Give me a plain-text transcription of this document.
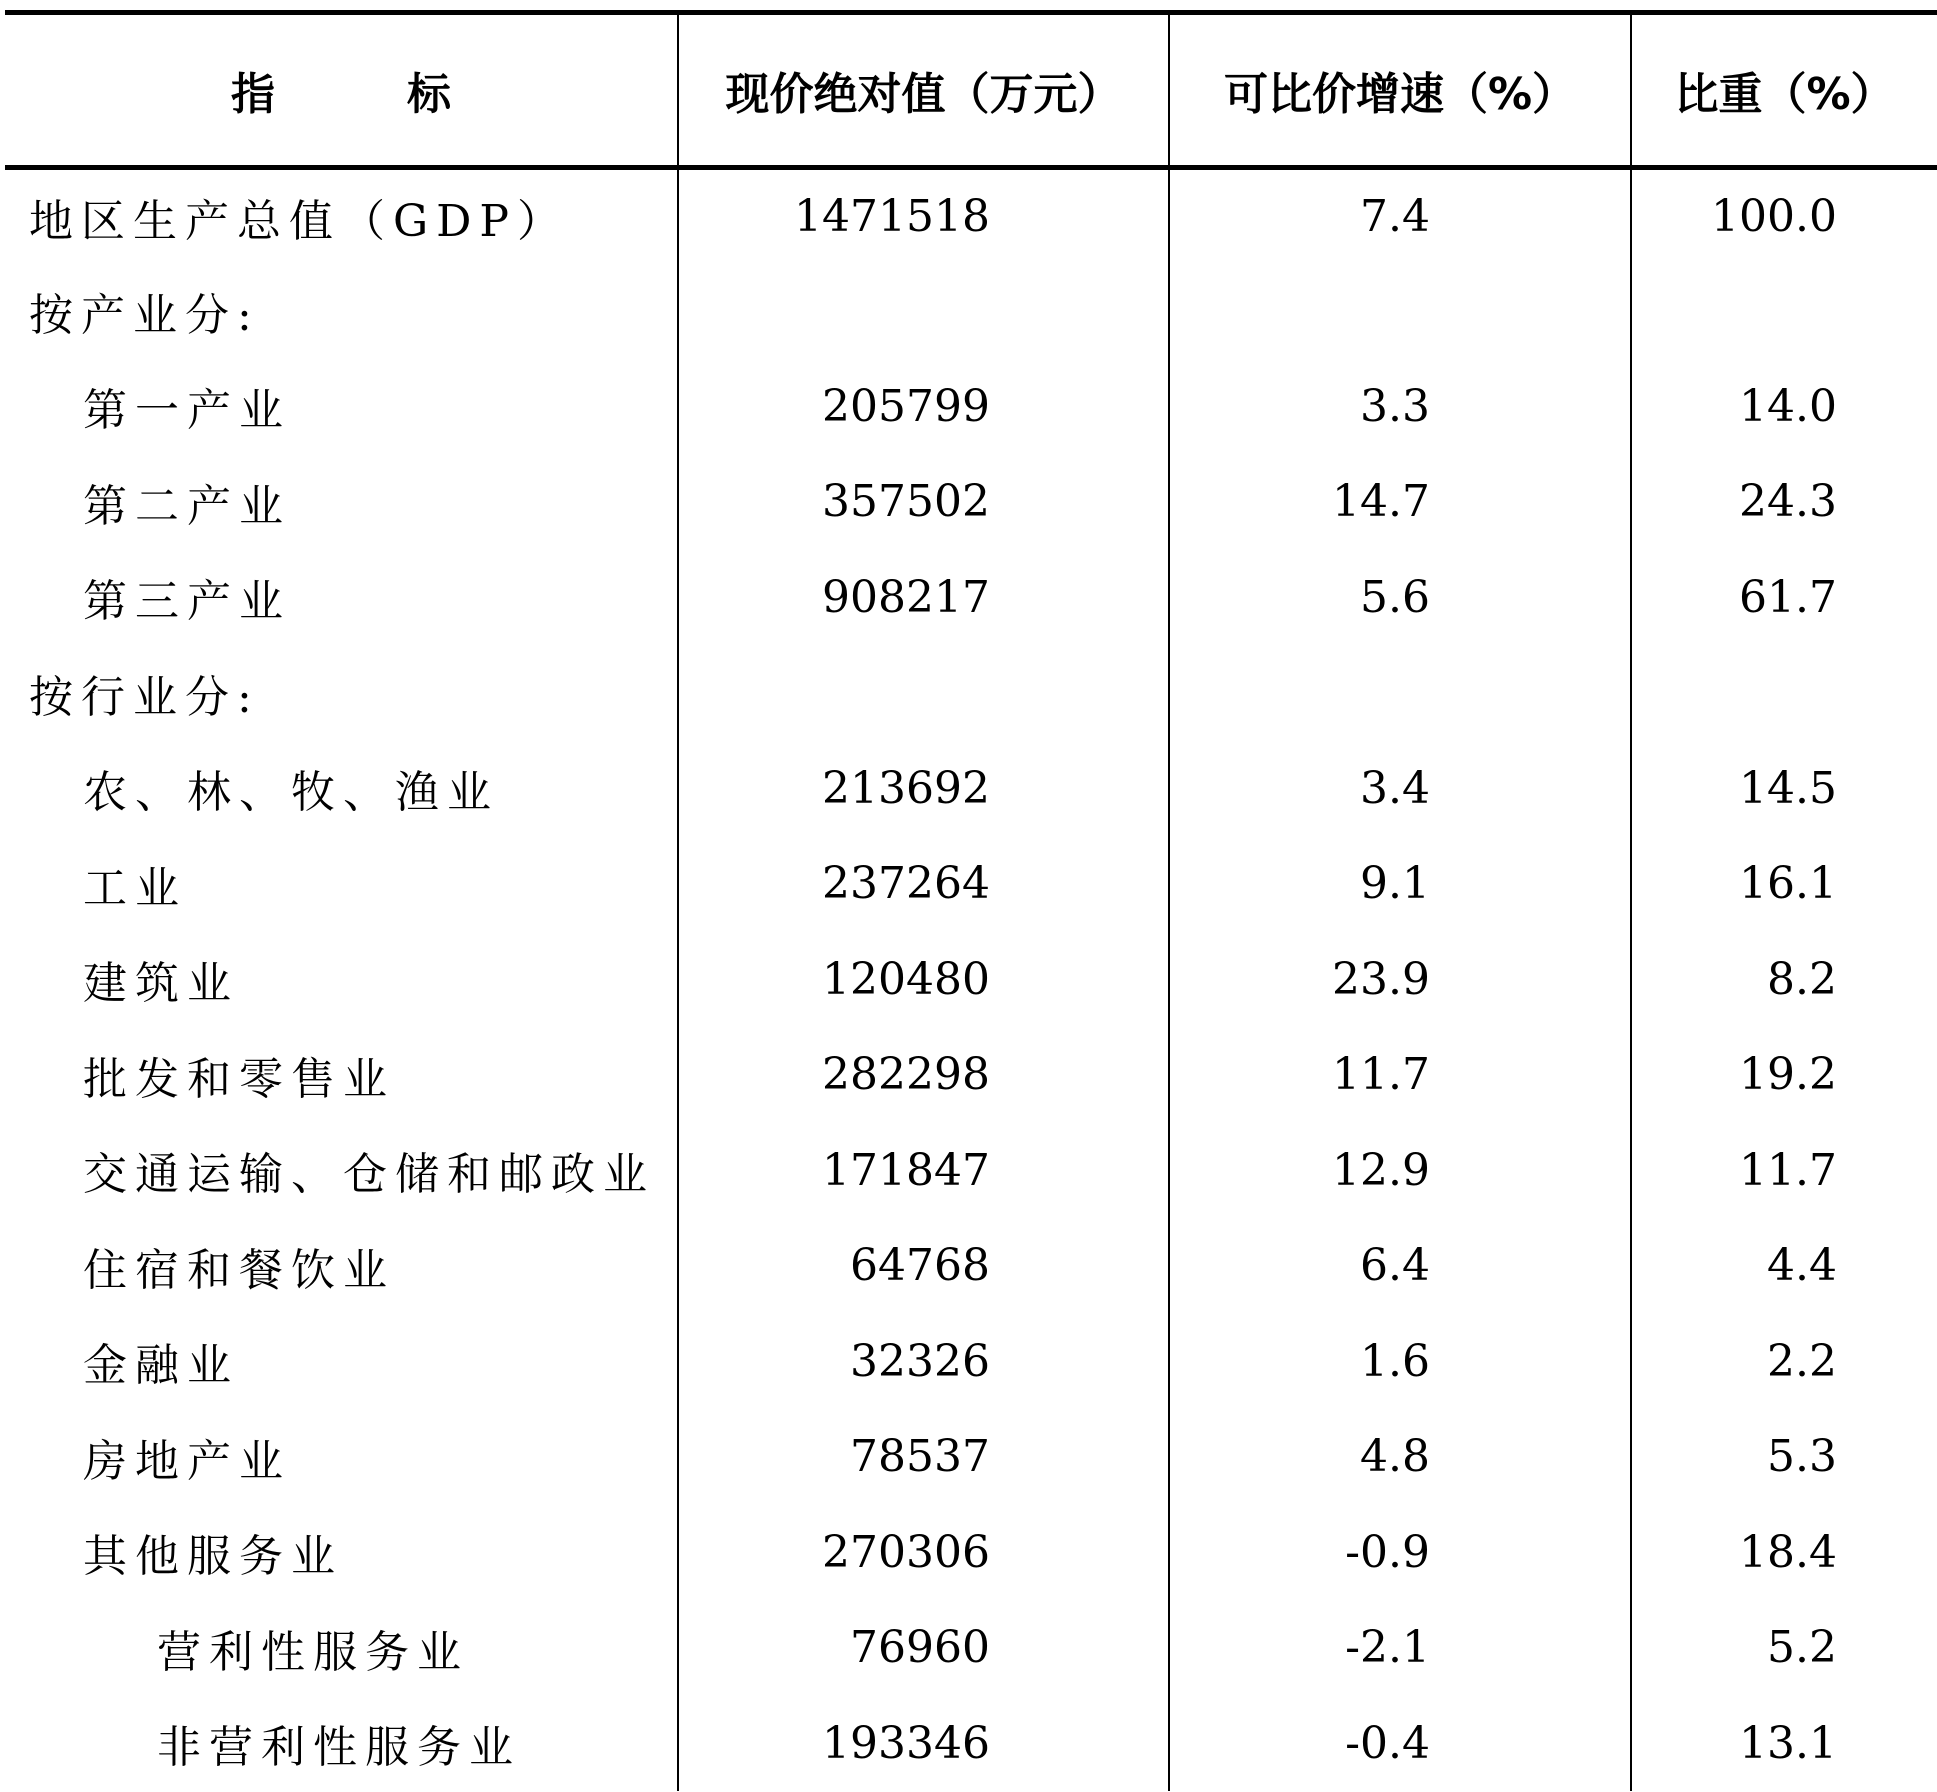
指　　　标	现价绝对值（万元）	可比价增速（%）	比重（%）
地区生产总值（GDP）	1471518	7.4	100.0
按产业分:			
第一产业	205799	3.3	14.0
第二产业	357502	14.7	24.3
第三产业	908217	5.6	61.7
按行业分:			
农、林、牧、渔业	213692	3.4	14.5
工业	237264	9.1	16.1
建筑业	120480	23.9	8.2
批发和零售业	282298	11.7	19.2
交通运输、仓储和邮政业	171847	12.9	11.7
住宿和餐饮业	64768	6.4	4.4
金融业	32326	1.6	2.2
房地产业	78537	4.8	5.3
其他服务业	270306	-0.9	18.4
营利性服务业	76960	-2.1	5.2
非营利性服务业	193346	-0.4	13.1
